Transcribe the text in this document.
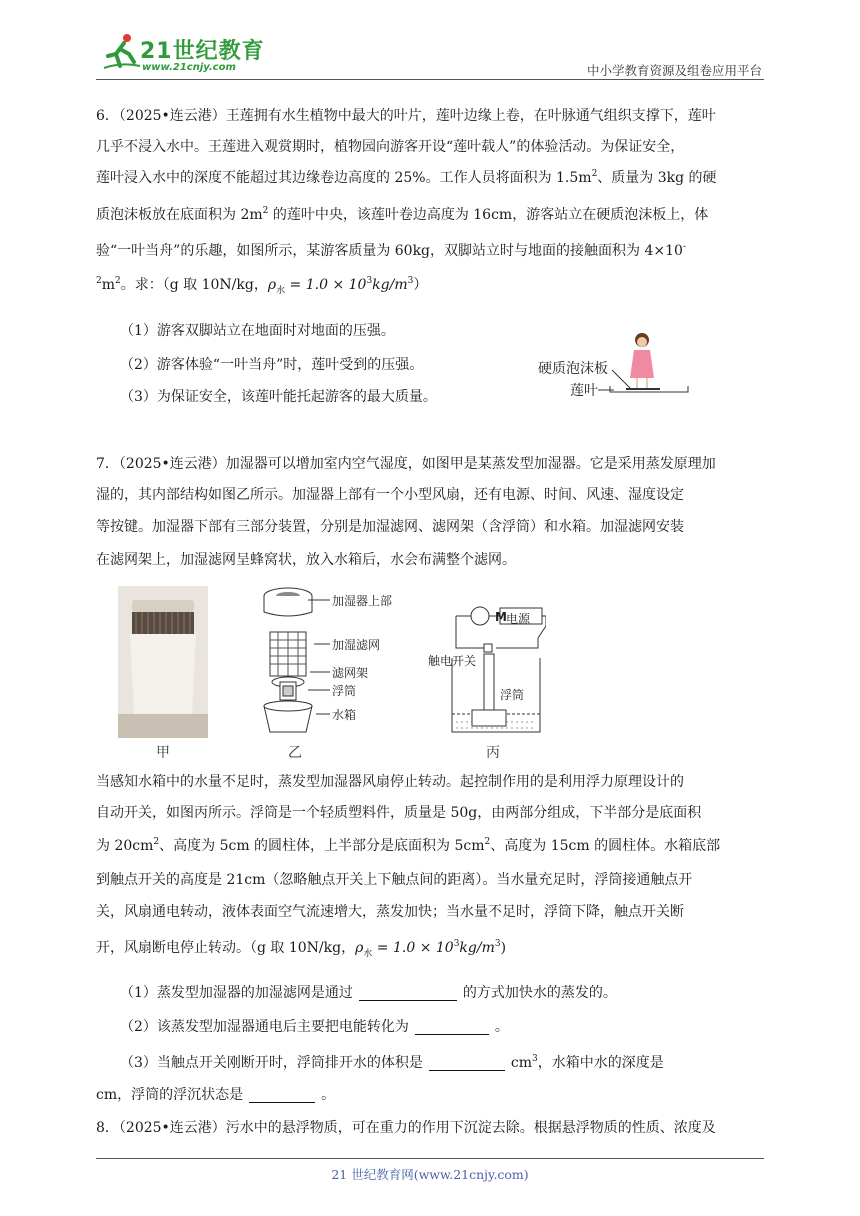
21世纪教育
www.21cnjy.com	中小学教育资源及组卷应用平台
6．（2025•连云港）王莲拥有水生植物中最大的叶片，莲叶边缘上卷，在叶脉通气组织支撑下，莲叶
几乎不浸入水中。王莲进入观赏期时，植物园向游客开设“莲叶载人”的体验活动。为保证安全，
莲叶浸入水中的深度不能超过其边缘卷边高度的 25%。工作人员将面积为 $1.5m^2$、质量为 3kg 的硬
质泡沫板放在底面积为 $2m^2$ 的莲叶中央，该莲叶卷边高度为 16cm，游客站立在硬质泡沫板上，体
验“一叶当舟”的乐趣，如图所示，某游客质量为 60kg，双脚站立时与地面的接触面积为 4×10-
$^2m^2$。求：（g 取 10N/kg，$\rho_水 = 1.0 \times 10^3kg/m^3$）
（1）游客双脚站立在地面时对地面的压强。
（2）游客体验“一叶当舟”时，莲叶受到的压强。
（3）为保证安全，该莲叶能托起游客的最大质量。
硬质泡沫板
莲叶
7．（2025•连云港）加湿器可以增加室内空气湿度，如图甲是某蒸发型加湿器。它是采用蒸发原理加
湿的，其内部结构如图乙所示。加湿器上部有一个小型风扇，还有电源、时间、风速、湿度设定
等按键。加湿器下部有三部分装置，分别是加湿滤网、滤网架（含浮筒）和水箱。加湿滤网安装
在滤网架上，加湿滤网呈蜂窝状，放入水箱后，水会布满整个滤网。
甲
加湿器上部
加湿滤网
滤网架
浮筒
水箱
乙
M 电源
触电开关
浮筒
丙
当感知水箱中的水量不足时，蒸发型加湿器风扇停止转动。起控制作用的是利用浮力原理设计的
自动开关，如图丙所示。浮筒是一个轻质塑料件，质量是 50g，由两部分组成，下半部分是底面积
为 $20cm^2$、高度为 5cm 的圆柱体，上半部分是底面积为 $5cm^2$、高度为 15cm 的圆柱体。水箱底部
到触点开关的高度是 21cm（忽略触点开关上下触点间的距离）。当水量充足时，浮筒接通触点开
关，风扇通电转动，液体表面空气流速增大，蒸发加快；当水量不足时，浮筒下降，触点开关断
开，风扇断电停止转动。（g 取 10N/kg，$\rho_水 = 1.0 \times 10^3kg/m^3$)
（1）蒸发型加湿器的加湿滤网是通过	的方式加快水的蒸发的。
（2）该蒸发型加湿器通电后主要把电能转化为	。
（3）当触点开关刚断开时，浮筒排开水的体积是	$cm^3$，水箱中水的深度是
cm，浮筒的浮沉状态是	。
8．（2025•连云港）污水中的悬浮物质，可在重力的作用下沉淀去除。根据悬浮物质的性质、浓度及
21 世纪教育网(www.21cnjy.com)
